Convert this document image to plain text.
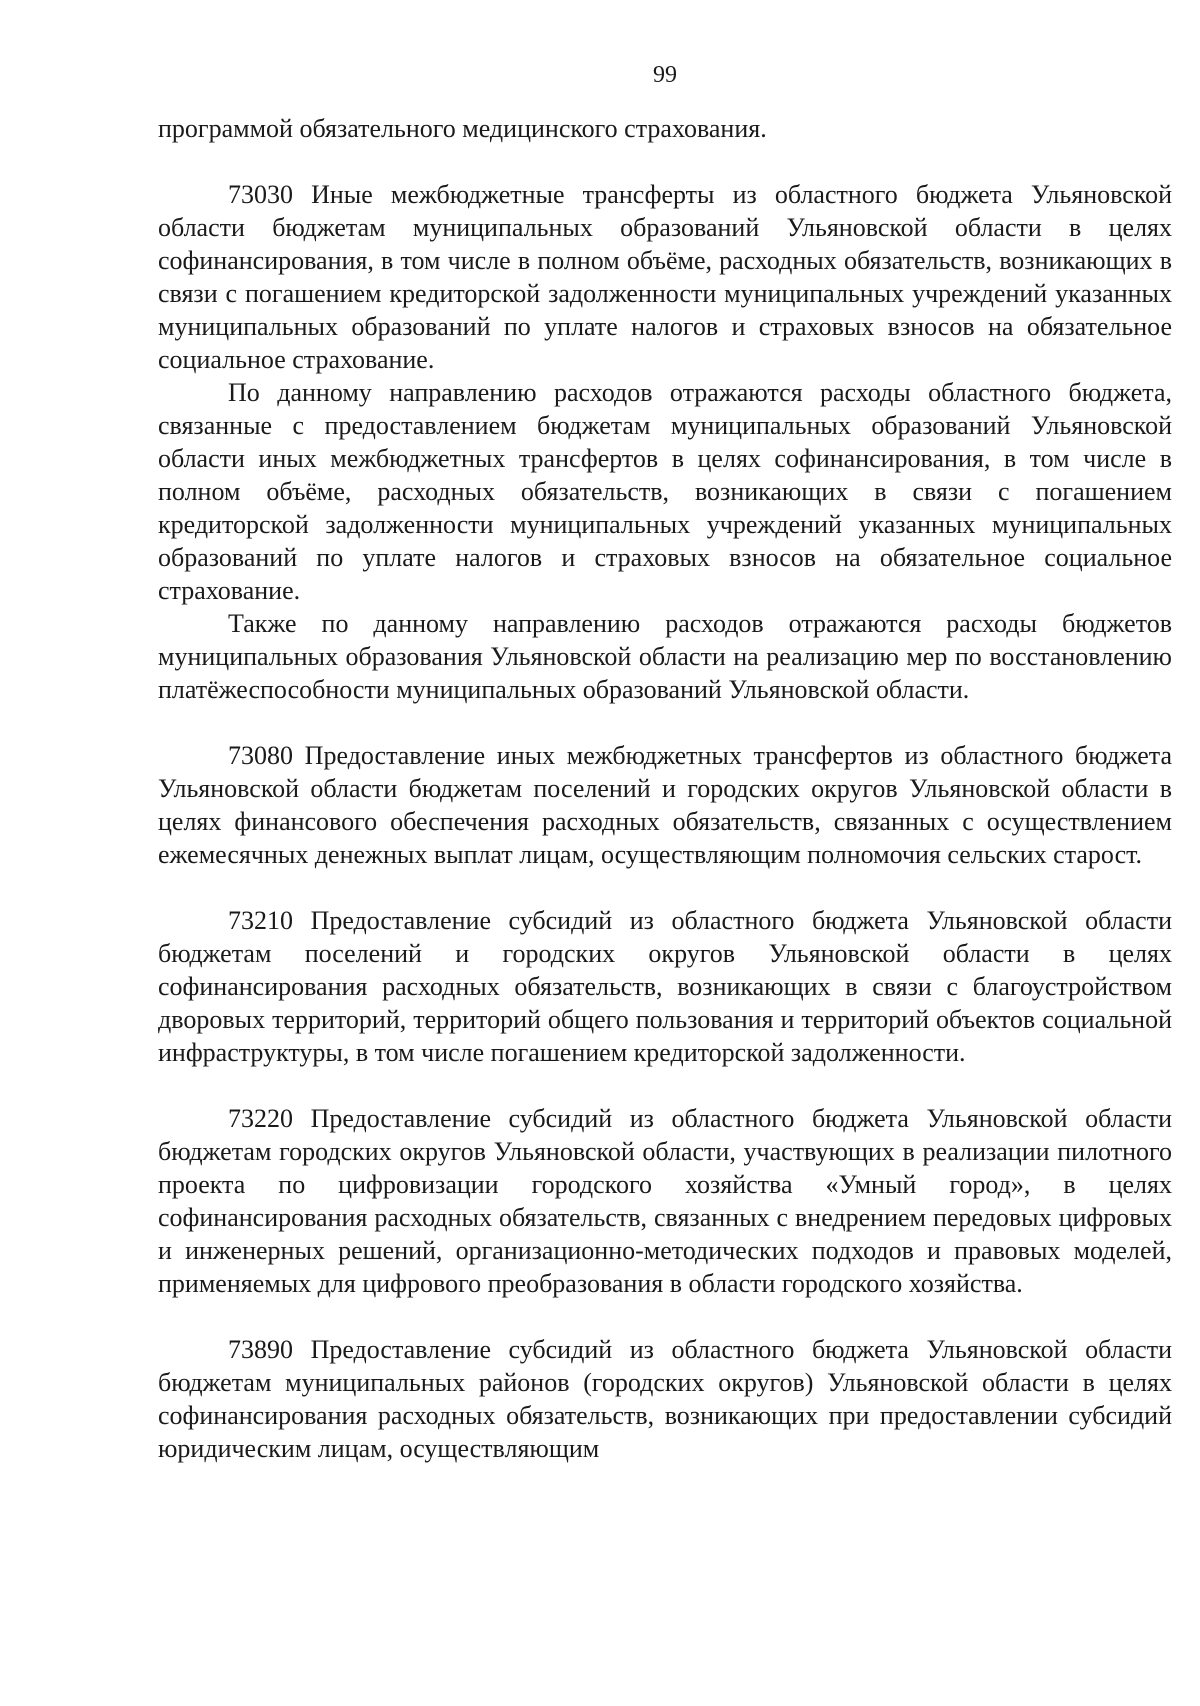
99

программой обязательного медицинского страхования.

73030 Иные межбюджетные трансферты из областного бюджета Ульяновской области бюджетам муниципальных образований Ульяновской области в целях софинансирования, в том числе в полном объёме, расходных обязательств, возникающих в связи с погашением кредиторской задолженности муниципальных учреждений указанных муниципальных образований по уплате налогов и страховых взносов на обязательное социальное страхование.

По данному направлению расходов отражаются расходы областного бюджета, связанные с предоставлением бюджетам муниципальных образований Ульяновской области иных межбюджетных трансфертов в целях софинансирования, в том числе в полном объёме, расходных обязательств, возникающих в связи с погашением кредиторской задолженности муниципальных учреждений указанных муниципальных образований по уплате налогов и страховых взносов на обязательное социальное страхование.

Также по данному направлению расходов отражаются расходы бюджетов муниципальных образования Ульяновской области на реализацию мер по восстановлению платёжеспособности муниципальных образований Ульяновской области.

73080 Предоставление иных межбюджетных трансфертов из областного бюджета Ульяновской области бюджетам поселений и городских округов Ульяновской области в целях финансового обеспечения расходных обязательств, связанных с осуществлением ежемесячных денежных выплат лицам, осуществляющим полномочия сельских старост.

73210 Предоставление субсидий из областного бюджета Ульяновской области бюджетам поселений и городских округов Ульяновской области в целях софинансирования расходных обязательств, возникающих в связи с благоустройством дворовых территорий, территорий общего пользования и территорий объектов социальной инфраструктуры, в том числе погашением кредиторской задолженности.

73220 Предоставление субсидий из областного бюджета Ульяновской области бюджетам городских округов Ульяновской области, участвующих в реализации пилотного проекта по цифровизации городского хозяйства «Умный город», в целях софинансирования расходных обязательств, связанных с внедрением передовых цифровых и инженерных решений, организационно-методических подходов и правовых моделей, применяемых для цифрового преобразования в области городского хозяйства.

73890 Предоставление субсидий из областного бюджета Ульяновской области бюджетам муниципальных районов (городских округов) Ульяновской области в целях софинансирования расходных обязательств, возникающих при предоставлении субсидий юридическим лицам, осуществляющим
